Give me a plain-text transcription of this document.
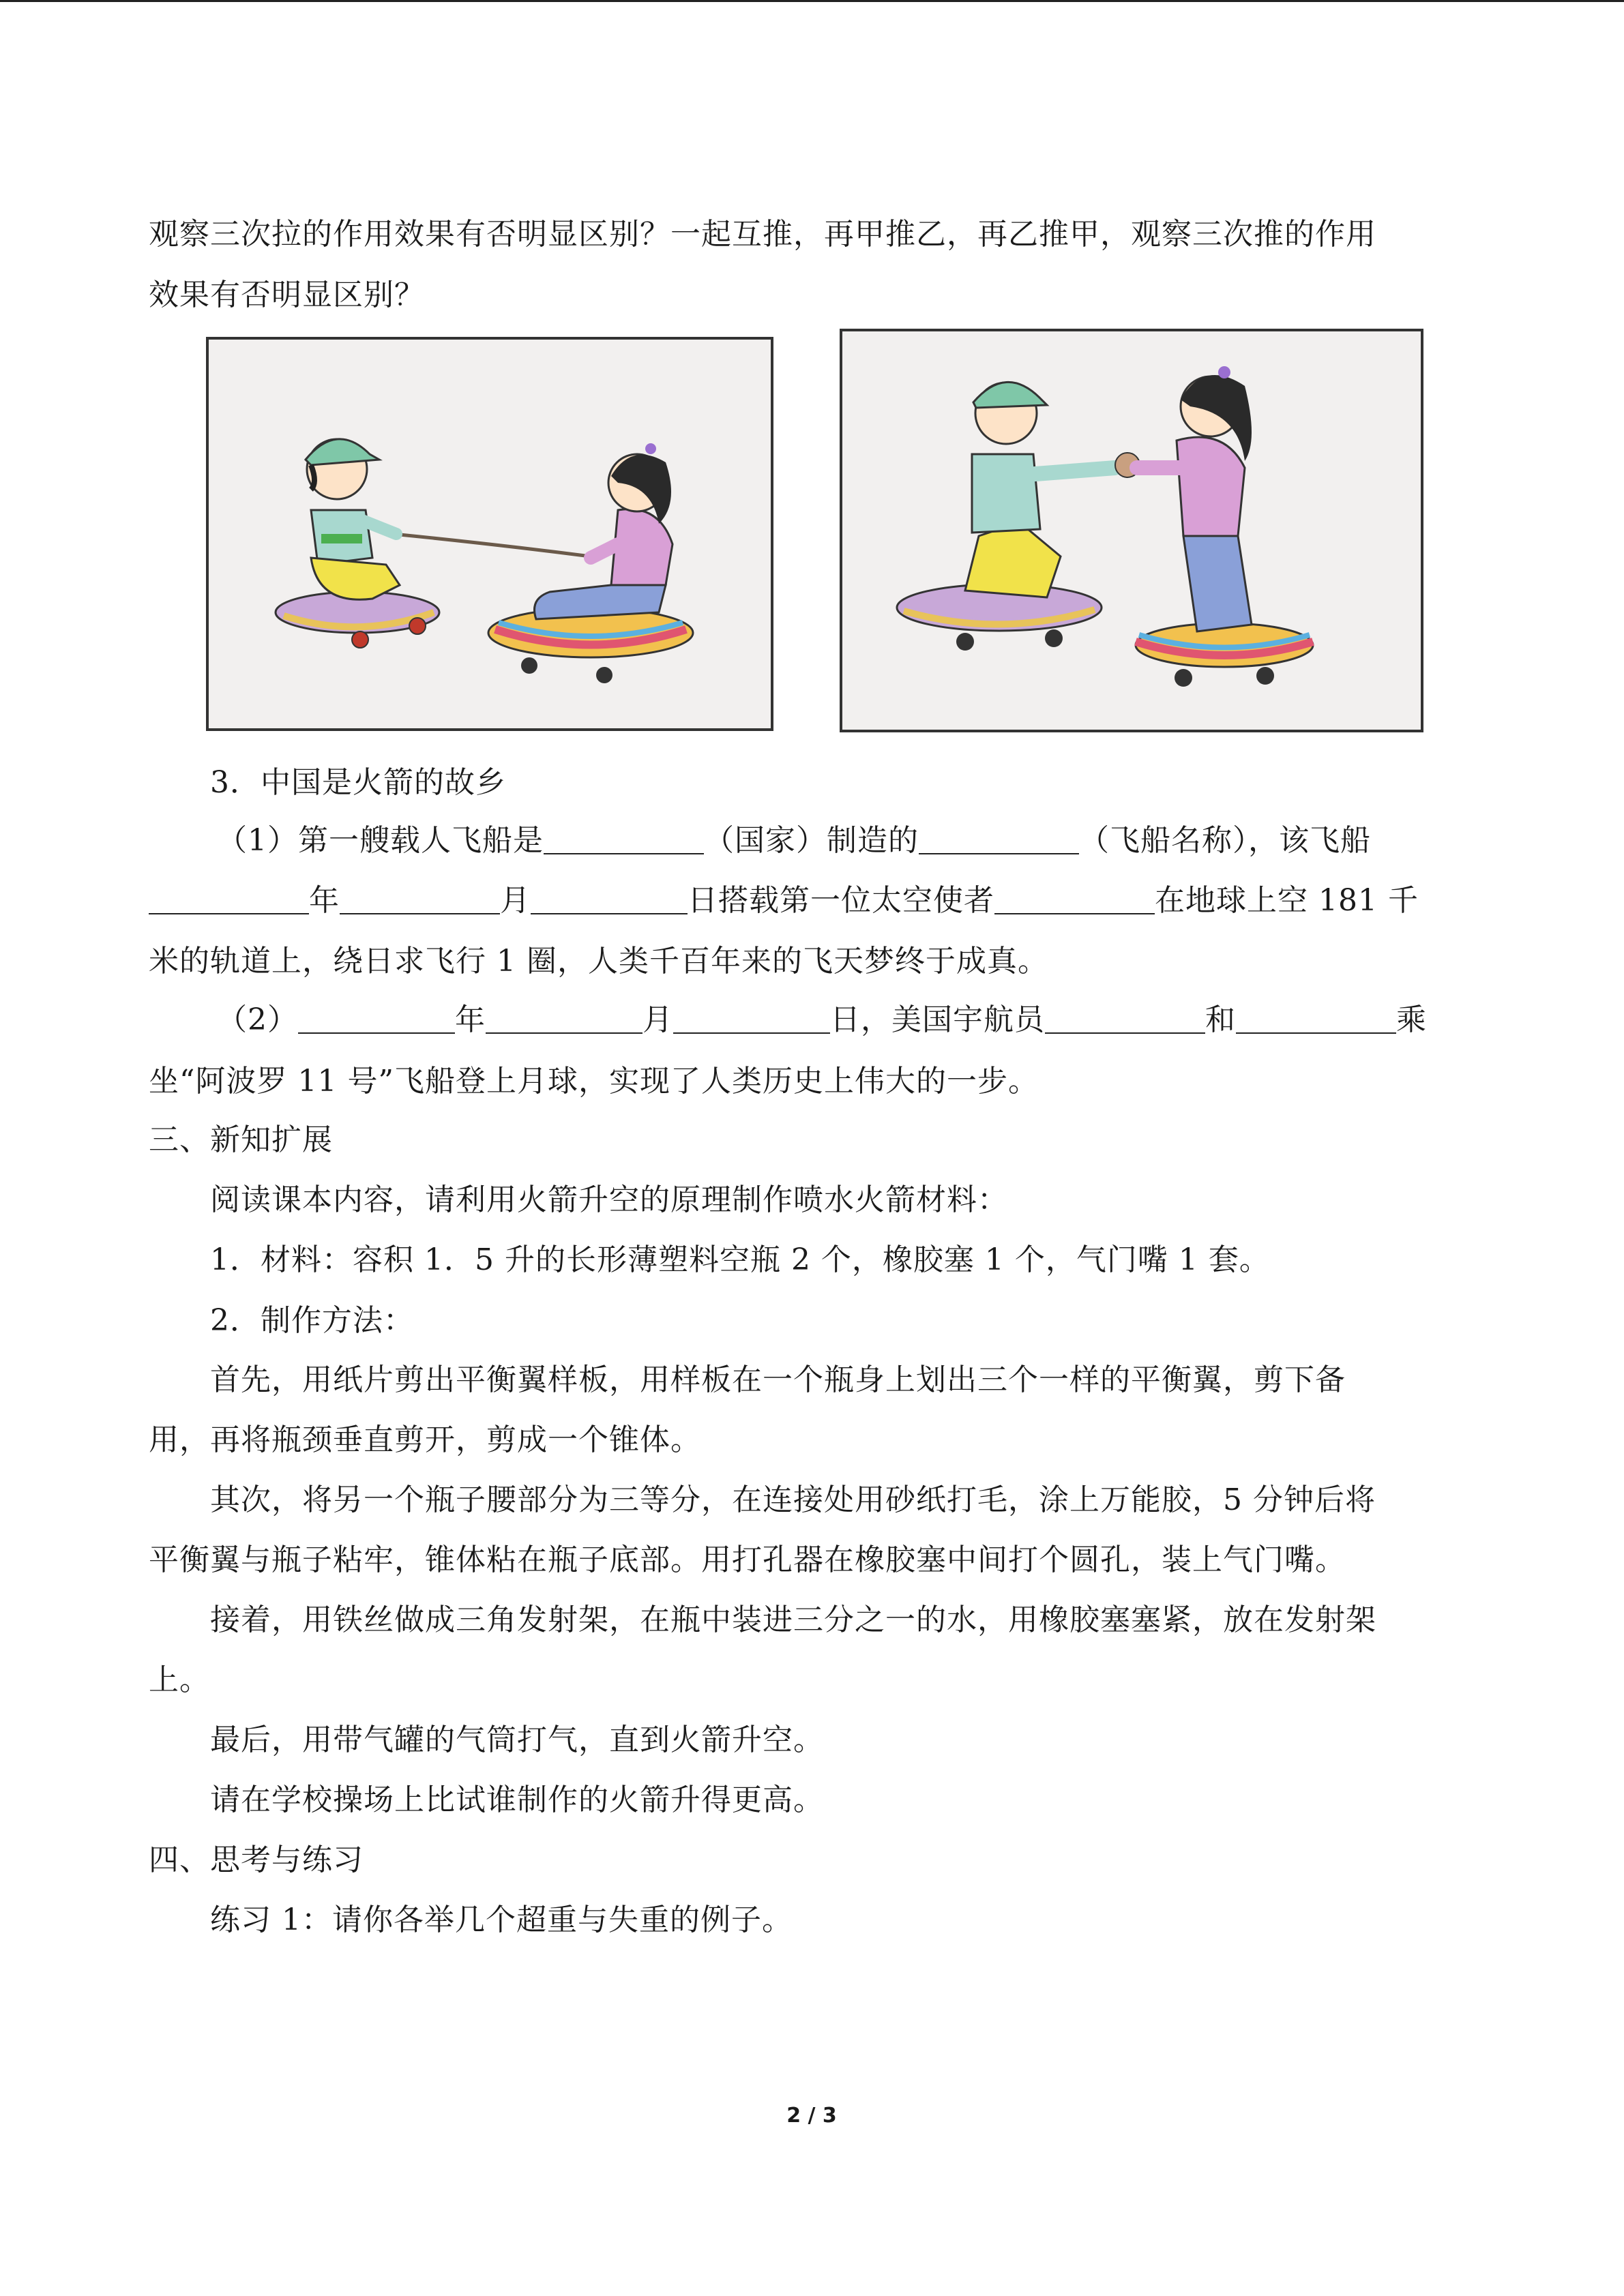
观察三次拉的作用效果有否明显区别？一起互推，再甲推乙，再乙推甲，观察三次推的作用
效果有否明显区别？
3．中国是火箭的故乡
（1）第一艘载人飞船是	（国家）制造的	（飞船名称），该飞船
年	月	日搭载第一位太空使者	在地球上空 181 千
米的轨道上，绕日求飞行 1 圈，人类千百年来的飞天梦终于成真。
（2）	年	月	日，美国宇航员	和	乘
坐“阿波罗 11 号”飞船登上月球，实现了人类历史上伟大的一步。
三、新知扩展
阅读课本内容，请利用火箭升空的原理制作喷水火箭材料：
1．材料：容积 1．5 升的长形薄塑料空瓶 2 个，橡胶塞 1 个，气门嘴 1 套。
2．制作方法：
首先，用纸片剪出平衡翼样板，用样板在一个瓶身上划出三个一样的平衡翼，剪下备
用，再将瓶颈垂直剪开，剪成一个锥体。
其次，将另一个瓶子腰部分为三等分，在连接处用砂纸打毛，涂上万能胶，5 分钟后将
平衡翼与瓶子粘牢，锥体粘在瓶子底部。用打孔器在橡胶塞中间打个圆孔，装上气门嘴。
接着，用铁丝做成三角发射架，在瓶中装进三分之一的水，用橡胶塞塞紧，放在发射架
上。
最后，用带气罐的气筒打气，直到火箭升空。
请在学校操场上比试谁制作的火箭升得更高。
四、思考与练习
练习 1：请你各举几个超重与失重的例子。
2 / 3
